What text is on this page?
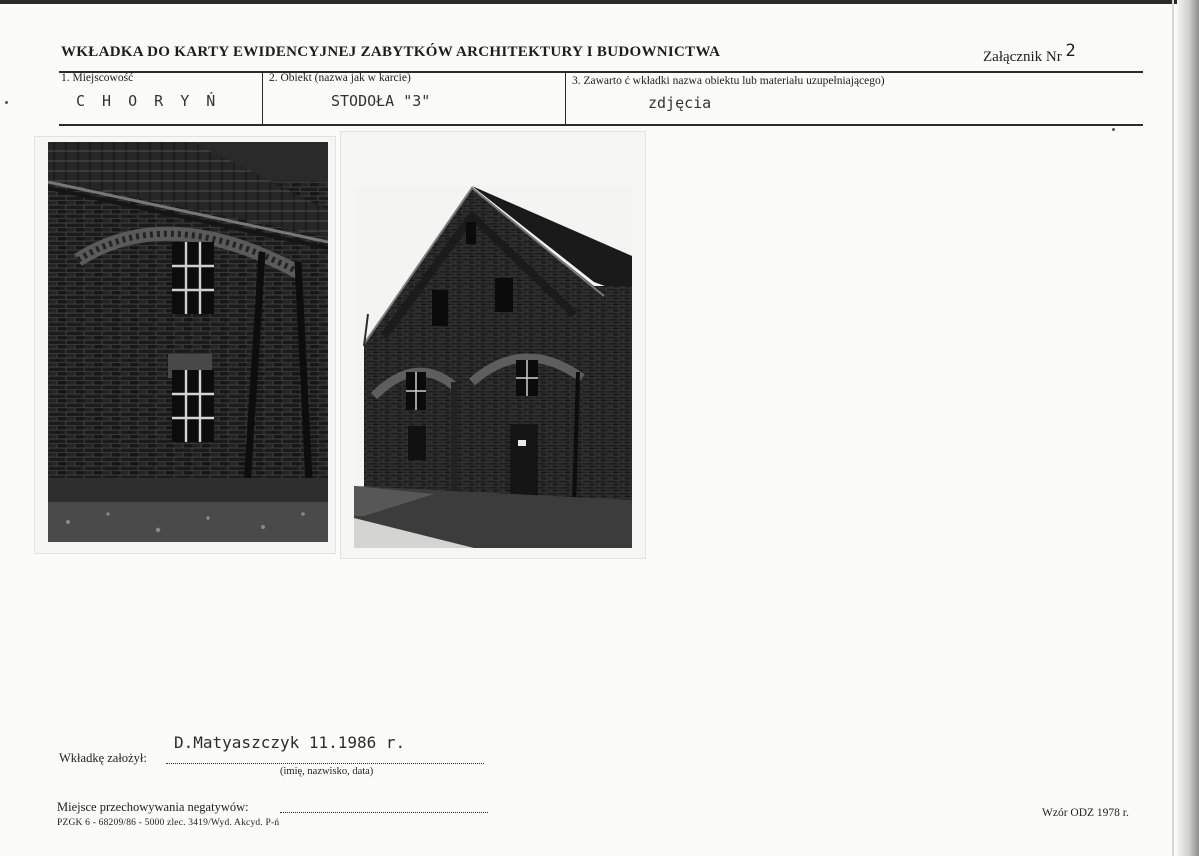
WKŁADKA DO KARTY EWIDENCYJNEJ ZABYTKÓW ARCHITEKTURY I BUDOWNICTWA	Załącznik Nr 2
1. Miejscowość
C H O R Y Ń
2. Obiekt (nazwa jak w karcie)
STODOŁA "3"
3. Zawarto ć wkładki nazwa obiektu lub materiału uzupełniającego)
zdjęcia
D.Matyaszczyk 11.1986 r.
Wkładkę założył:
(imię, nazwisko, data)
Miejsce przechowywania negatywów:
PZGK 6 - 68209/86 - 5000 zlec. 3419/Wyd. Akcyd. P-ń
Wzór ODZ 1978 r.
